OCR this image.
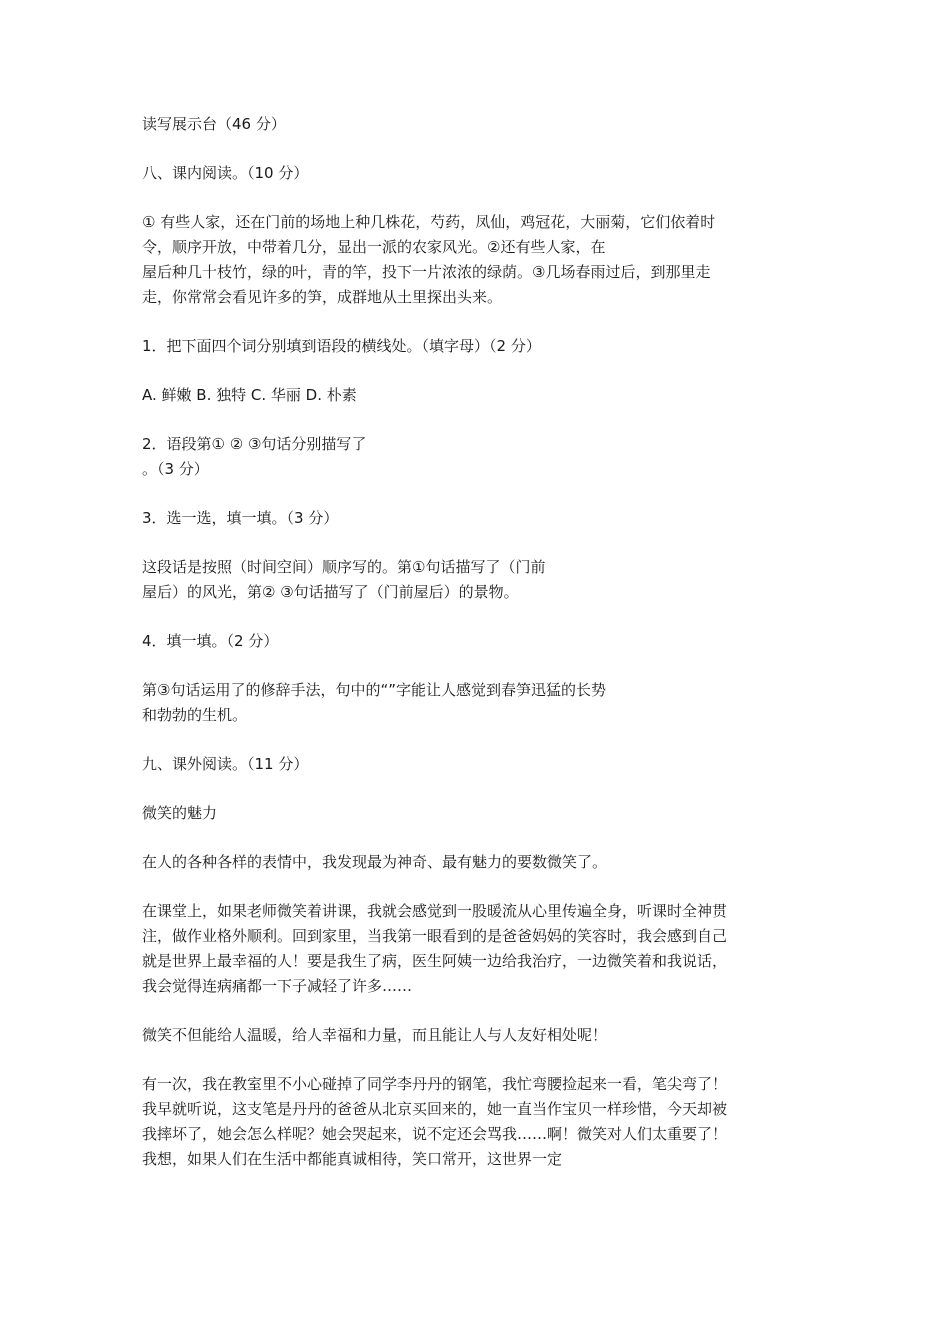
读写展示台（46 分）

八、课内阅读。（10 分）

① 有些人家，还在门前的场地上种几株花，芍药，凤仙，鸡冠花，大丽菊，它们依着时
令，顺序开放，中带着几分，显出一派的农家风光。②还有些人家，在
屋后种几十枝竹，绿的叶，青的竿，投下一片浓浓的绿荫。③几场春雨过后，到那里走
走，你常常会看见许多的笋，成群地从土里探出头来。

1．把下面四个词分别填到语段的横线处。（填字母）（2 分）

A. 鲜嫩 B. 独特 C. 华丽 D. 朴素

2．语段第① ② ③句话分别描写了
。（3 分）

3．选一选，填一填。（3 分）

这段话是按照（时间空间）顺序写的。第①句话描写了（门前
屋后）的风光，第② ③句话描写了（门前屋后）的景物。

4．填一填。（2 分）

第③句话运用了的修辞手法，句中的“”字能让人感觉到春笋迅猛的长势
和勃勃的生机。

九、课外阅读。（11 分）

微笑的魅力

在人的各种各样的表情中，我发现最为神奇、最有魅力的要数微笑了。

在课堂上，如果老师微笑着讲课，我就会感觉到一股暖流从心里传遍全身，听课时全神贯
注，做作业格外顺利。回到家里，当我第一眼看到的是爸爸妈妈的笑容时，我会感到自己
就是世界上最幸福的人！要是我生了病，医生阿姨一边给我治疗，一边微笑着和我说话，
我会觉得连病痛都一下子减轻了许多……

微笑不但能给人温暖，给人幸福和力量，而且能让人与人友好相处呢！

有一次，我在教室里不小心碰掉了同学李丹丹的钢笔，我忙弯腰捡起来一看，笔尖弯了！
我早就听说，这支笔是丹丹的爸爸从北京买回来的，她一直当作宝贝一样珍惜，今天却被
我摔坏了，她会怎么样呢？她会哭起来，说不定还会骂我……啊！微笑对人们太重要了！
我想，如果人们在生活中都能真诚相待，笑口常开，这世界一定
